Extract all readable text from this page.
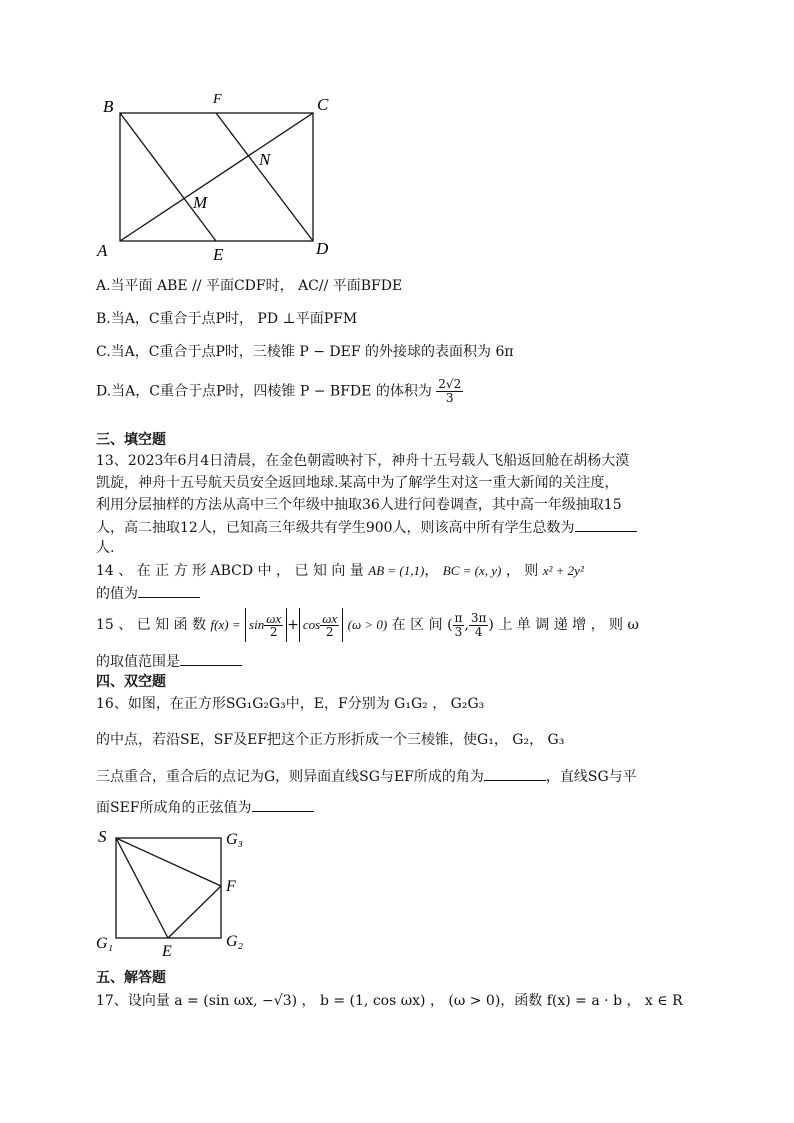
B	F	C
N
M
A	E	D
A.当平面 ABE // 平面CDF时， AC// 平面BFDE
B.当A，C重合于点P时， PD ⊥平面PFM
C.当A，C重合于点P时，三棱锥 P − DEF 的外接球的表面积为 6π
D.当A，C重合于点P时，四棱锥 P − BFDE 的体积为 $\frac{2√2}{3}$
三、填空题
13、2023年6月4日清晨，在金色朝霞映衬下，神舟十五号载人飞船返回舱在胡杨大漠
凯旋，神舟十五号航天员安全返回地球.某高中为了解学生对这一重大新闻的关注度，
利用分层抽样的方法从高中三个年级中抽取36人进行问卷调查，其中高一年级抽取15
人，高二抽取12人，已知高三年级共有学生900人，则该高中所有学生总数为
人.
14 、 在 正 方 形 ABCD 中 ， 已 知 向 量 AB = (1,1)， BC = (x, y) ， 则 x² + 2y²
的值为
15 、 已 知 函 数 $f(x) = \sin \frac{\omega x}{2} + \cos \frac{\omega x}{2} (\omega > 0)$ 在 区 间 ( $\frac{\pi}{3}$ , $\frac{3\pi}{4}$ ) 上 单 调 递 增 ， 则 ω
的取值范围是
四、双空题
16、如图，在正方形SG₁G₂G₃中，E，F分别为 G₁G₂ ， G₂G₃
的中点，若沿SE，SF及EF把这个正方形折成一个三棱锥，使G₁， G₂， G₃
三点重合，重合后的点记为G，则异面直线SG与EF所成的角为	，直线SG与平
面SEF所成角的正弦值为
S	G₃
F
G₁	E
G₂
五、解答题
17、设向量 a = (sin ωx, −√3) ， b = (1, cos ωx) ， (ω > 0)，函数 f(x) = a · b ， x ∈ R
